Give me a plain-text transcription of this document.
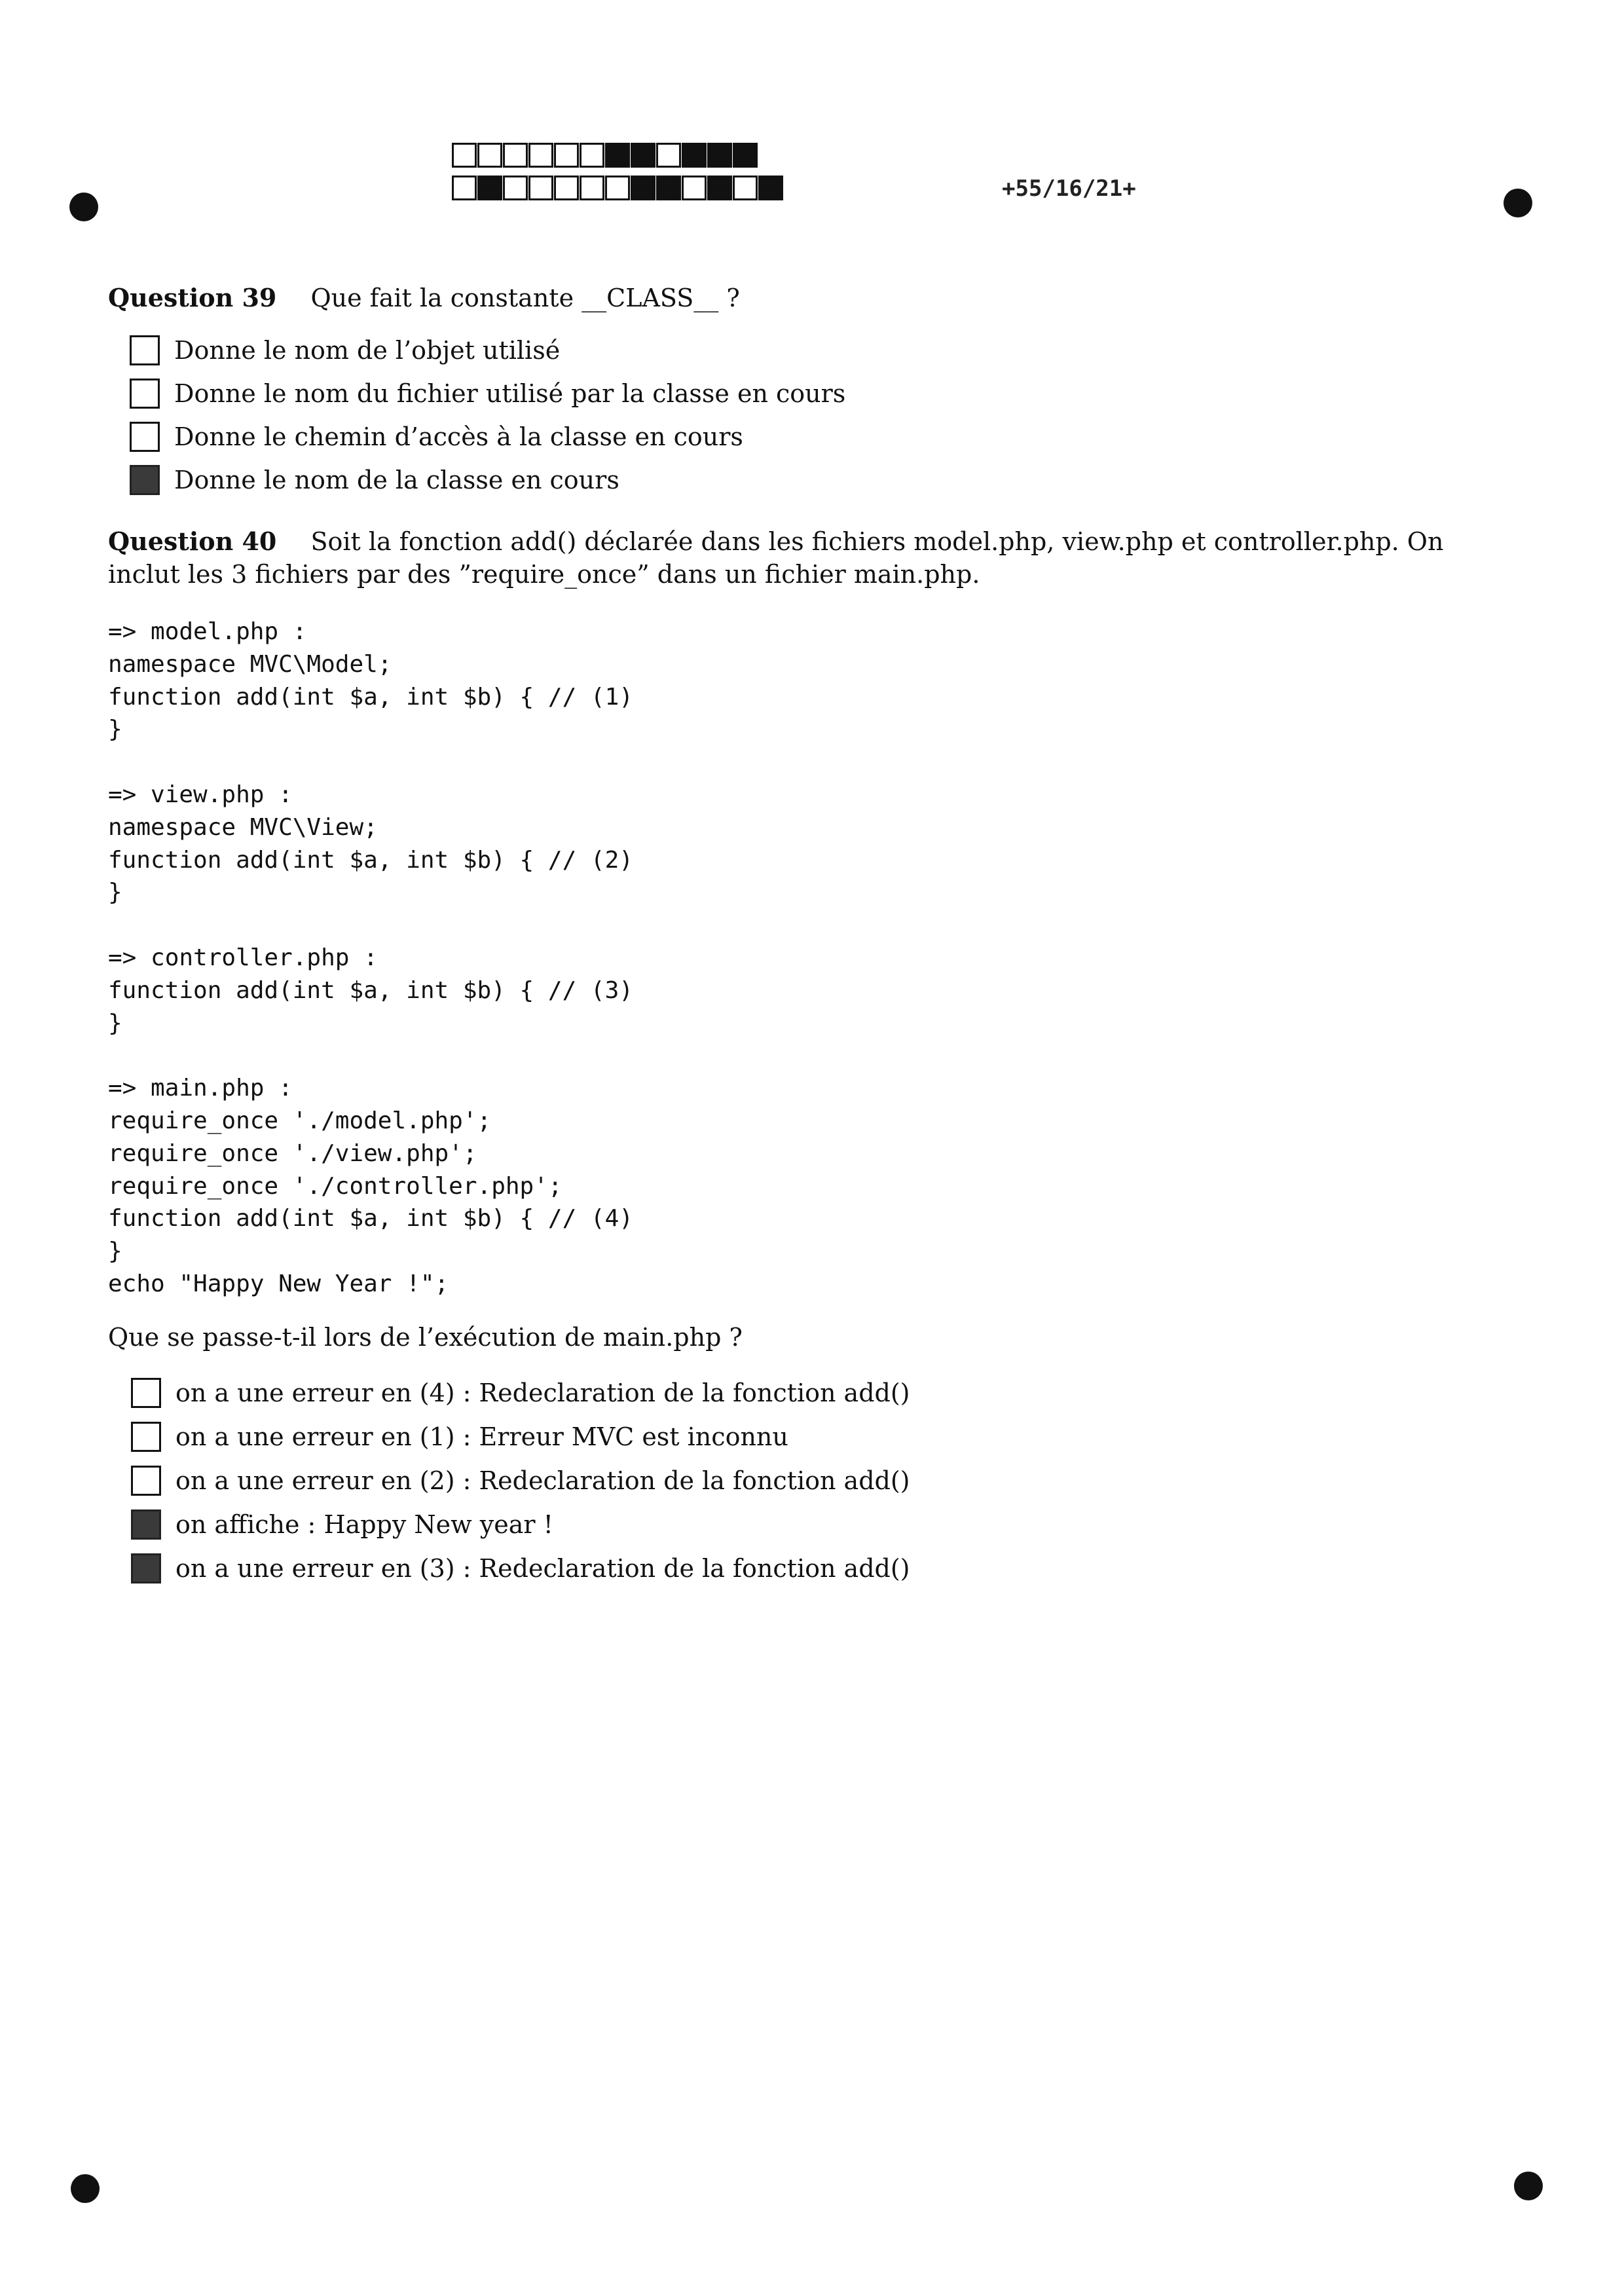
+55/16/21+
Question 39 Que fait la constante __CLASS__ ?
Donne le nom de l’objet utilisé
Donne le nom du fichier utilisé par la classe en cours
Donne le chemin d’accès à la classe en cours
Donne le nom de la classe en cours
Question 40 Soit la fonction add() déclarée dans les fichiers model.php, view.php et controller.php. On inclut les 3 fichiers par des ”require_once” dans un fichier main.php.
=> model.php :
namespace MVC\Model;
function add(int $a, int $b) { // (1)
}

=> view.php :
namespace MVC\View;
function add(int $a, int $b) { // (2)
}

=> controller.php :
function add(int $a, int $b) { // (3)
}

=> main.php :
require_once './model.php';
require_once './view.php';
require_once './controller.php';
function add(int $a, int $b) { // (4)
}
echo "Happy New Year !";
Que se passe-t-il lors de l’exécution de main.php ?
on a une erreur en (4) : Redeclaration de la fonction add()
on a une erreur en (1) : Erreur MVC est inconnu
on a une erreur en (2) : Redeclaration de la fonction add()
on affiche : Happy New year !
on a une erreur en (3) : Redeclaration de la fonction add()
